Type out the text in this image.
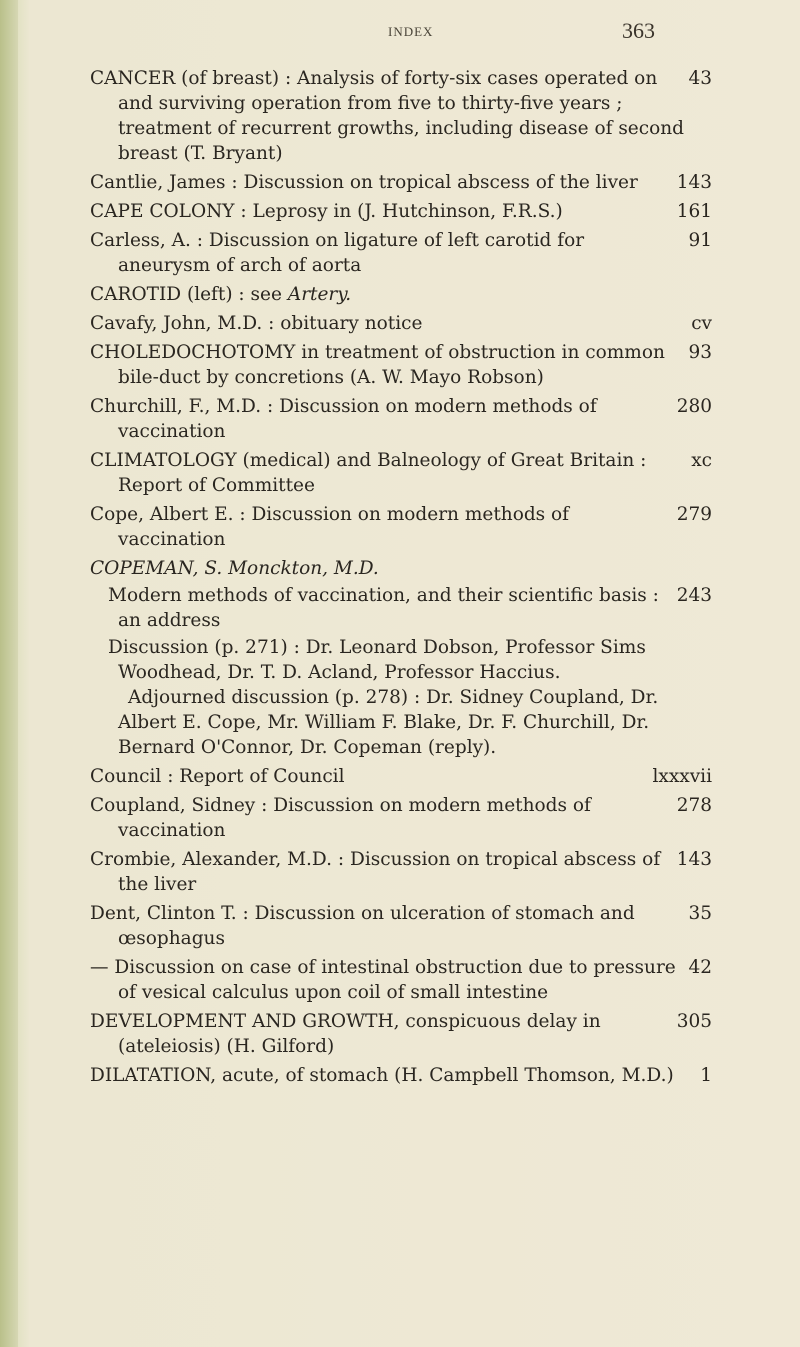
INDEX	363

43
CANCER (of breast) : Analysis of forty-six cases operated on and surviving operation from five to thirty-five years ; treatment of recurrent growths, including disease of second breast (T. Bryant)

143
Cantlie, James : Discussion on tropical abscess of the liver

161
CAPE COLONY : Leprosy in (J. Hutchinson, F.R.S.)

91
Carless, A. : Discussion on ligature of left carotid for aneurysm of arch of aorta

CAROTID (left) : see Artery.

cv
Cavafy, John, M.D. : obituary notice

93
CHOLEDOCHOTOMY in treatment of obstruction in common bile-duct by concretions (A. W. Mayo Robson)

280
Churchill, F., M.D. : Discussion on modern methods of vaccination

xc
CLIMATOLOGY (medical) and Balneology of Great Britain : Report of Committee

279
Cope, Albert E. : Discussion on modern methods of vaccination

COPEMAN, S. Monckton, M.D.

243
Modern methods of vaccination, and their scientific basis : an address

Discussion (p. 271) : Dr. Leonard Dobson, Professor Sims Woodhead, Dr. T. D. Acland, Professor Haccius.

Adjourned discussion (p. 278) : Dr. Sidney Coupland, Dr. Albert E. Cope, Mr. William F. Blake, Dr. F. Churchill, Dr. Bernard O'Connor, Dr. Copeman (reply).

lxxxvii
Council : Report of Council

278
Coupland, Sidney : Discussion on modern methods of vaccination

143
Crombie, Alexander, M.D. : Discussion on tropical abscess of the liver

35
Dent, Clinton T. : Discussion on ulceration of stomach and œsophagus

42
— Discussion on case of intestinal obstruction due to pressure of vesical calculus upon coil of small intestine

305
DEVELOPMENT AND GROWTH, conspicuous delay in (ateleiosis) (H. Gilford)

1
DILATATION, acute, of stomach (H. Campbell Thomson, M.D.)
